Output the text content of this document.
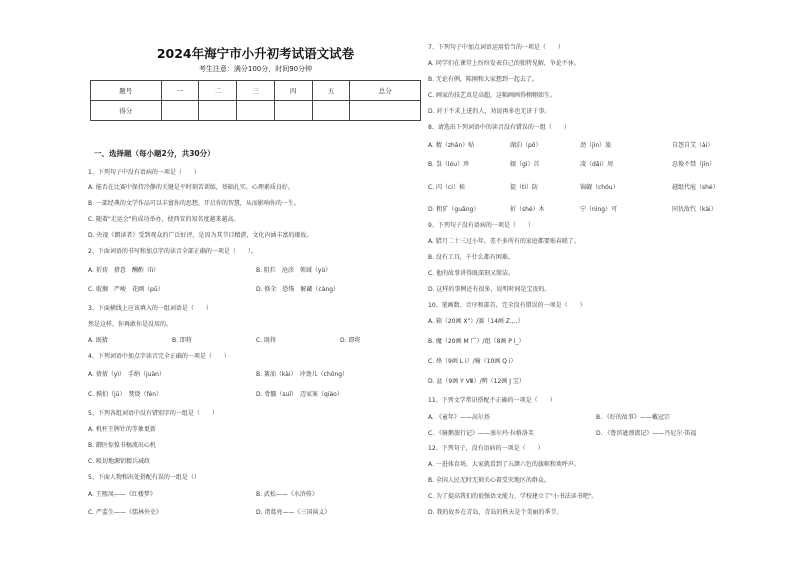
2024年海宁市小升初考试语文试卷
考生注意：满分100分，时间90分钟
题号	一	二	三	四	五	总分
得分						
一、选择题（每小题2分，共30分）
1、下列句子中没有语病的一项是（　　）
A. 能否在比赛中保持冷静的关键是平时刻苦训练，基础扎实，心理素质良好。
B. 一部经典的文学作品可以丰富你的思想，开启你的智慧，从而影响你的一生。
C. 随着"走运会"的成功举办，使西安的知名度越来越高。
D. 央视《朗读者》受到观众的广泛好评，是因为其节目精湛，文化内涵丰富的缘故。
2、下面词语的书写和加点字的读音全部正确的一项是（　　）。
A. 祈祷　措意　酬酢（lì）	B. 阻拦　沧涂　领域（yù）
C. 耽搁　严峻　花圃（pǔ）	D. 倏全　恐怖　解藏（càng）
3、下面横线上应该填入的一组词语是（　　）
然是这样，你再敢你是没用的。
A. 既猜	B. 即将	C. 既将	D. 即将
4、下列词语中加点字读音完全正确的一项是（　　）
A. 倩倩（yì）　手绢（juàn）	B. 篝油（kài）　冲劲儿（chōng）
C. 摸拍（jū）　焚烧（fén）	D. 骨髓（suǐ）　迈家案（qiào）
5、下列各组词语中没有错别字的一组是（　　）
A. 机杆王牌针的等象更新
B. 御医惊惶书稿流出心机
C. 吸切地源铝精兵减政
5、下面人物和出处搭配有误的一组是（）
A. 王熙凤——《红楼梦》	B. 武松——《水浒传》
C. 严监生——《儒林外史》	D. 诸葛亮——《三国演义》
7、下列句子中加点词语运用恰当的一项是（　　）
A. 同学们在课堂上纷纷发表自己的独特见解，争论不休。
B. 无论有例，陈刚和大家想到一起去了。
C. 画家的技艺真是高超，这幅画画得栩栩如生。
D. 对于不求上进的人，劝说再多也无济于事。
8、请选出下列词语中的读音没有错误的一组（　　）
A. 精（zhān）贴	湖泊（pō）	劲（jìn）旅	自怨自艾（ài）
B. 袅（lóu）珍	辍（gì）首	凌（dǎi）周	忍俊不禁（jīn）
C. 闪（ci）候	提（ti）防	锦觑（chóu）	越组代庖（shé）
D. 粗犷（guǎng）	折（shé）木	宁（nìng）可	同仇敌忾（kài）
9、下列句子没有语病的一项是（　　）
A. 腊月二十三过小年，差不多所有的家庭都要贴春联了。
B. 没有工具，千什么都有困难。
C. 他的故事讲得既深刻又简洁。
D. 这样的事例还有很多，说明时间是宝贵的。
10、笔画数、音序和部首，完全没有错误的一项是（　　）
A. 箱（20画 X"）/赛（14画 Z.,..）
B. 魔（20画 M 广）/组（8画 P i_）
C. 烽（9画 L i）/喻（10画 Q i）
D. 盆（9画 Y Ⅷ）/辨（12画 J 宝）
11、下列文学常识搭配不正确的一项是（　　）
A. 《童年》——高尔基	B. 《好的故事》——戴冠宗
C. 《骑鹅旅行记》——塞尔玛·拉格洛芙	D. 《鲁滨逊漂流记》——丹尼尔·笛福
12、下列句子，没有语病的一项是（　　）
A. 一进体育场，大家就看到了五颜六色的旗帜和欢呼声。
B. 全国人民无时无刻关心着受灾地区的群众。
C. 为了提高我们的很强语文能力，学校建立了"小书法读书吧"。
D. 我的故乡在青岛，青岛的秋天是个美丽的季节。
